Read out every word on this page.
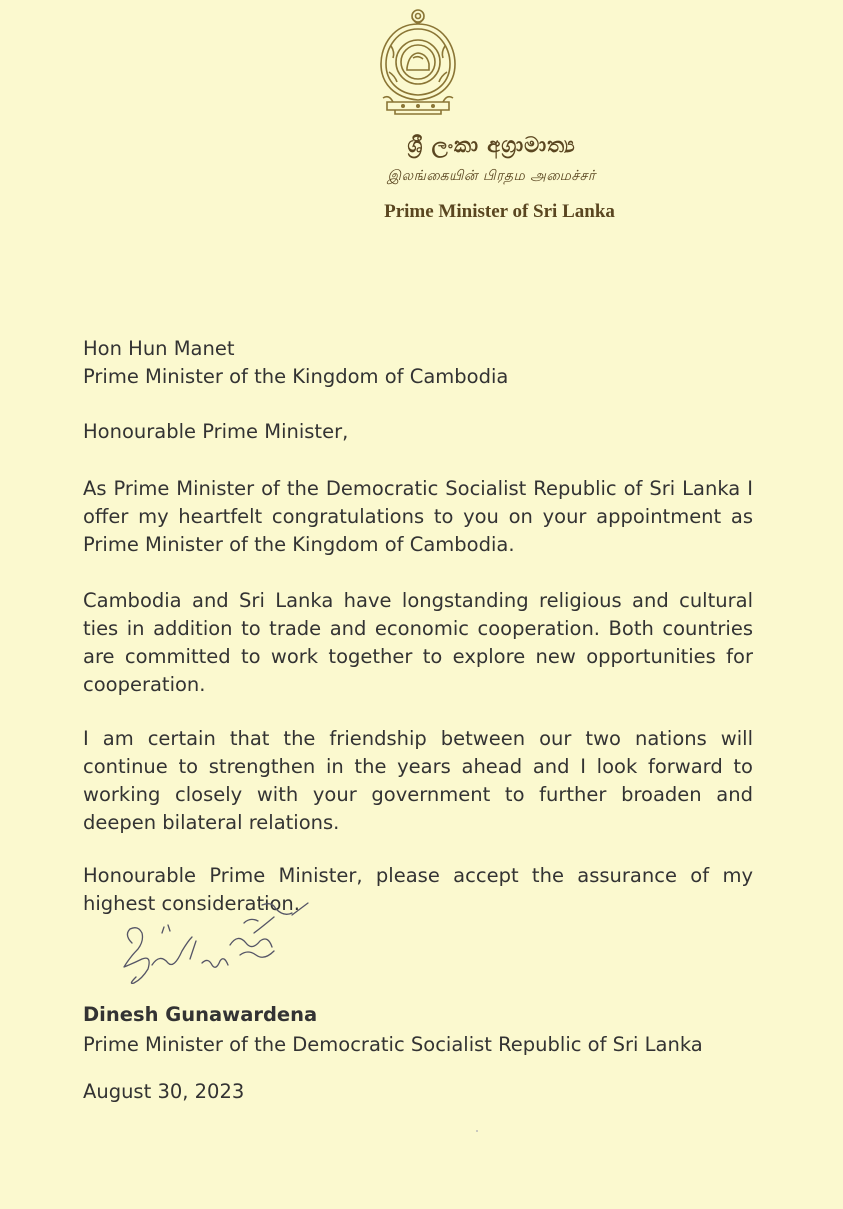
ශ්‍රී ලංකා අග්‍රාමාත්‍ය
இலங்கையின் பிரதம அமைச்சர்
Prime Minister of Sri Lanka
Hon Hun Manet
Prime Minister of the Kingdom of Cambodia
Honourable Prime Minister,
As Prime Minister of the Democratic Socialist Republic of Sri Lanka I offer my heartfelt congratulations to you on your appointment as Prime Minister of the Kingdom of Cambodia.
Cambodia and Sri Lanka have longstanding religious and cultural ties in addition to trade and economic cooperation. Both countries are committed to work together to explore new opportunities for cooperation.
I am certain that the friendship between our two nations will continue to strengthen in the years ahead and I look forward to working closely with your government to further broaden and deepen bilateral relations.
Honourable Prime Minister, please accept the assurance of my highest consideration.
Dinesh Gunawardena
Prime Minister of the Democratic Socialist Republic of Sri Lanka
August 30, 2023
